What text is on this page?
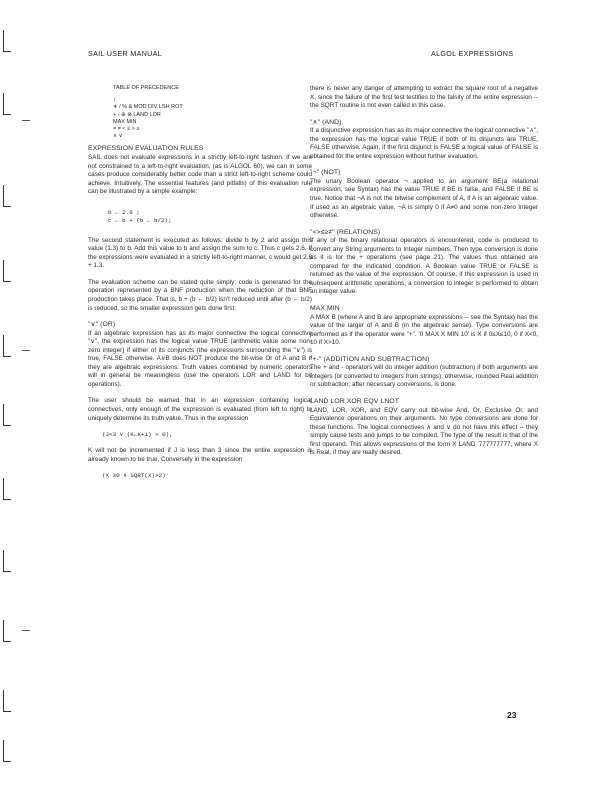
SAIL USER MANUAL	ALGOL EXPRESSIONS
TABLE OF PRECEDENCE
↑
∗ / % & MOD DIV LSH ROT
+ - ⊕ ⊗ LAND LOR
MAX MIN
= ≠ < ≤ > ≥
∧ ∨
EXPRESSION EVALUATION RULES

SAIL does not evaluate expressions in a strictly left-to-right fashion. If we are not constrained to a left-to-right evaluation, (as is ALGOL 60), we can in some cases produce considerably better code than a strict left-to-right scheme could achieve. Intuitively, The essential features (and pitfalls) of this evaluation rule can be illustrated by a simple example:

b ← 2.6 ;
c ← b + (b ← b/2);

The second statement is executed as follows: divide b by 2 and assign this value (1.3) to b. Add this value to b and assign the sum to c. Thus c gets 2.6. If the expressions were evaluated in a strictly left-to-right manner, c would get 2.6 + 1.3.

The evaluation scheme can be stated quite simply: code is generated for the operation represented by a BNF production when the reduction of that BNF production takes place. That is, b + (b ← b/2) isn't reduced until after (b ← b/2) is reduced, so the smaller expression gets done first.

"∨" (OR)

If an algebraic expression has as its major connective the logical connective "∨", the expression has the logical value TRUE (arithmetic value some non-zero integer) if either of its conjuncts (the expressions surrounding the "∨") is true, FALSE otherwise. A∨B does NOT produce the bit-wise Or of A and B if they are algebraic expressions. Truth values combined by numeric operators will in general be meaningless (use the operators LOR and LAND for bit operations).

The user should be warned that in an expression containing logical connectives, only enough of the expression is evaluated (from left to right) to uniquely determine its truth value. Thus in the expression

(J<3 ∨ (K←K+1) > 0),

K will not be incremented if J is less than 3 since the entire expression is already known to be true. Conversely in the expression

(X ≥0 ∧ SQRT(X)>2)

there is never any danger of attempting to extract the square root of a negative X, since the failure of the first test testifies to the falsity of the entire expression -- the SQRT routine is not even called in this case.

"∧" (AND)

If a disjunctive expression has as its major connective the logical connective "∧", the expression has the logical value TRUE if both of its disjuncts are TRUE, FALSE otherwise. Again, if the first disjunct is FALSE a logical value of FALSE is obtained for the entire expression without further evaluation.

"¬" (NOT)

The unary Boolean operator ¬ applied to an argument BE(a relational expression, see Syntax) has the value TRUE if BE is false, and FALSE if BE is true. Notice that ¬A is not the bitwise complement of A, if A is an algebraic value. If used as an algebraic value, ¬A is simply 0 if A≠0 and some non-zero Integer otherwise.

"<>≤≥≠" (RELATIONS)

If any of the binary relational operators is encountered, code is produced to convert any String arguments to Integer numbers. Then type conversion is done as it is for the + operations (see page 21). The values thus obtained are compared for the indicated condition. A Boolean value TRUE or FALSE is returned as the value of the expression. Of course, if this expression is used in subsequent arithmetic operations, a conversion to integer is performed to obtain an integer value.

MAX MIN

A MAX B (where A and B are appropriate expressions -- see the Syntax) has the value of the larger of A and B (in the algebraic sense). Type conversions are performed as if the operator were "+". '0 MAX X MIN 10' is X if 0≤X≤10, 0 if X<0, 10 if X>10.

"+-" (ADDITION AND SUBTRACTION)

The + and - operators will do integer addition (subtraction) if both arguments are integers (or converted to integers from strings); otherwise, rounded Real addition or subtraction, after necessary conversions, is done.

LAND LOR XOR EQV LNOT

LAND, LOR, XOR, and EQV carry out bit-wise And, Or, Exclusive Or, and Equivalence operations on their arguments. No type conversions are done for these functions. The logical connectives ∧ and ∨ do not have this effect -- they simply cause tests and jumps to be compiled. The type of the result is that of the first operand. This allows expressions of the form X LAND '777777777, where X is Real, if they are really desired.

23
